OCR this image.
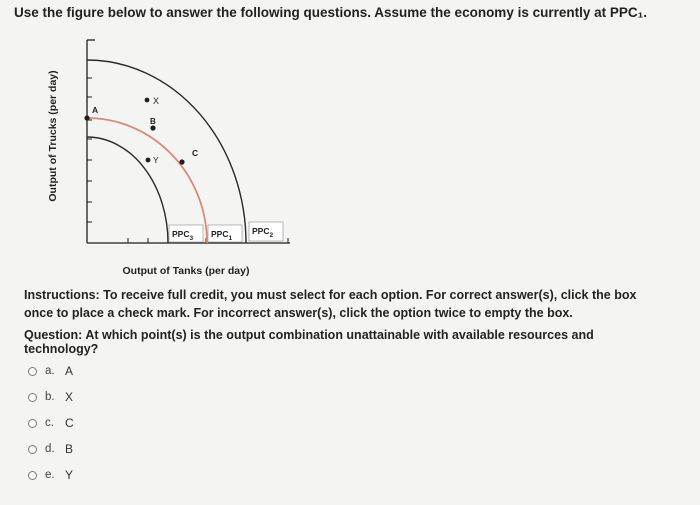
Use the figure below to answer the following questions. Assume the economy is currently at PPC₁.
Output of Trucks (per day)	A
X
B
Y
C
$PPC_3$ $PPC_1$
$PPC_2$
Output of Tanks (per day)
Instructions: To receive full credit, you must select for each option. For correct answer(s), click the box once to place a check mark. For incorrect answer(s), click the option twice to empty the box.
Question: At which point(s) is the output combination unattainable with available resources and technology?
a. A
b. X
c. C
d. B
e. Y
